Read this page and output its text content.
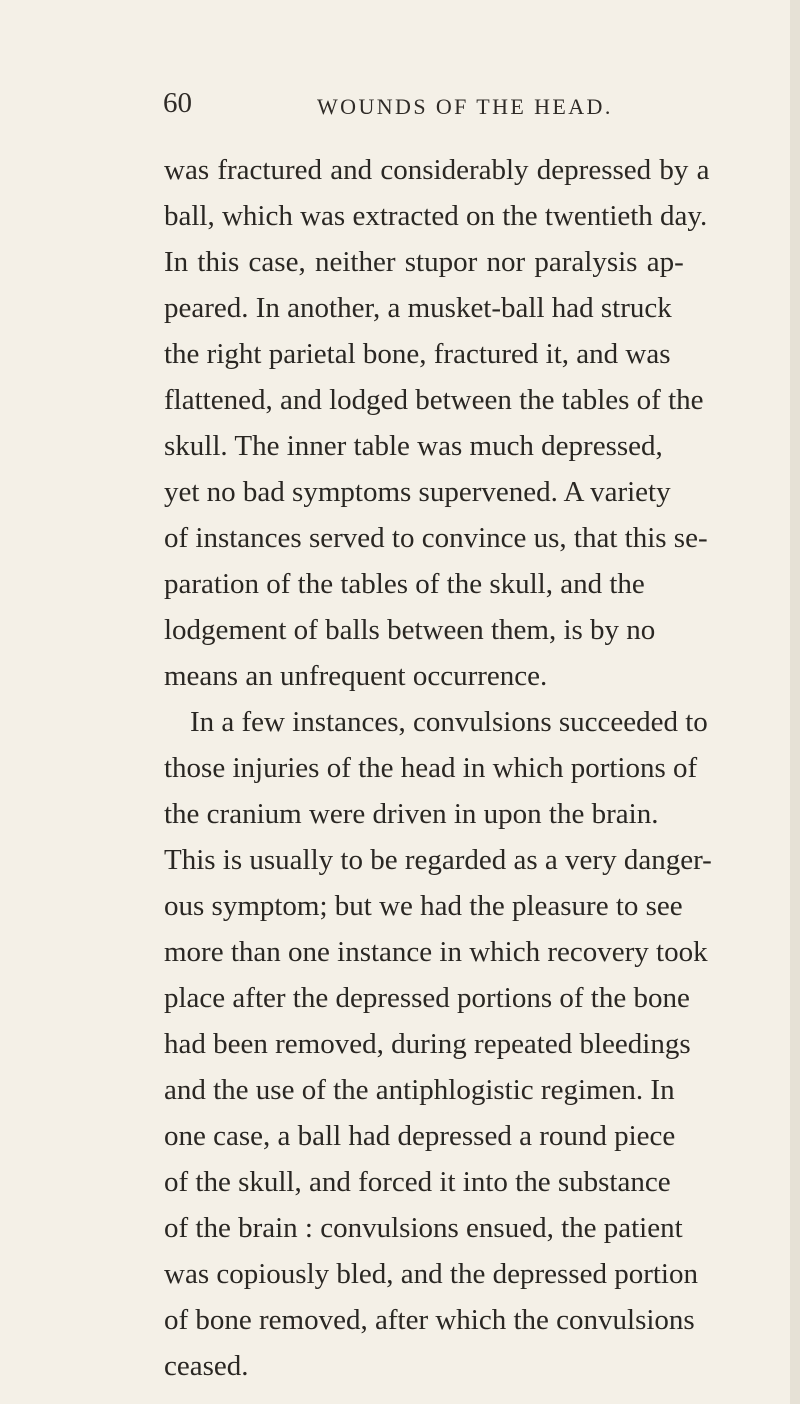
60	WOUNDS OF THE HEAD.
was fractured and considerably depressed by a
ball, which was extracted on the twentieth day.
In this case, neither stupor nor paralysis ap-
peared. In another, a musket-ball had struck
the right parietal bone, fractured it, and was
flattened, and lodged between the tables of the
skull. The inner table was much depressed,
yet no bad symptoms supervened. A variety
of instances served to convince us, that this se-
paration of the tables of the skull, and the
lodgement of balls between them, is by no
means an unfrequent occurrence.
In a few instances, convulsions succeeded to
those injuries of the head in which portions of
the cranium were driven in upon the brain.
This is usually to be regarded as a very danger-
ous symptom; but we had the pleasure to see
more than one instance in which recovery took
place after the depressed portions of the bone
had been removed, during repeated bleedings
and the use of the antiphlogistic regimen. In
one case, a ball had depressed a round piece
of the skull, and forced it into the substance
of the brain : convulsions ensued, the patient
was copiously bled, and the depressed portion
of bone removed, after which the convulsions
ceased.
